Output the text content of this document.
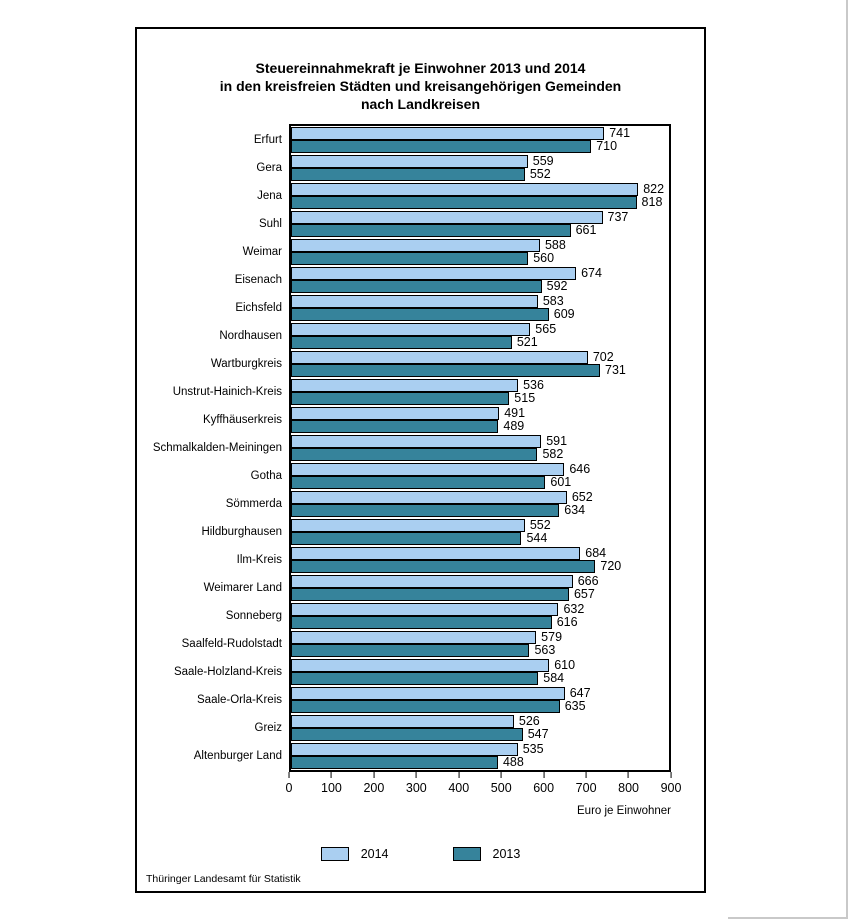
Steuereinnahmekraft je Einwohner 2013 und 2014
in den kreisfreien Städten und kreisangehörigen Gemeinden
nach Landkreisen
Erfurt	741
710
Gera	559
552
Jena	822
818
Suhl	737
661
Weimar	588
560
Eisenach	674
592
Eichsfeld	583
609
Nordhausen	565
521
Wartburgkreis	702
731
Unstrut-Hainich-Kreis	536
515
Kyffhäuserkreis	491
489
Schmalkalden-Meiningen	591
582
Gotha	646
601
Sömmerda	652
634
Hildburghausen	552
544
Ilm-Kreis	684
720
Weimarer Land	666
657
Sonneberg	632
616
Saalfeld-Rudolstadt	579
563
Saale-Holzland-Kreis	610
584
Saale-Orla-Kreis	647
635
Greiz	526
547
Altenburger Land	535
488
Euro je Einwohner
0 100 200 300 400 500 600 700 800 900
2014	2013
Thüringer Landesamt für Statistik
